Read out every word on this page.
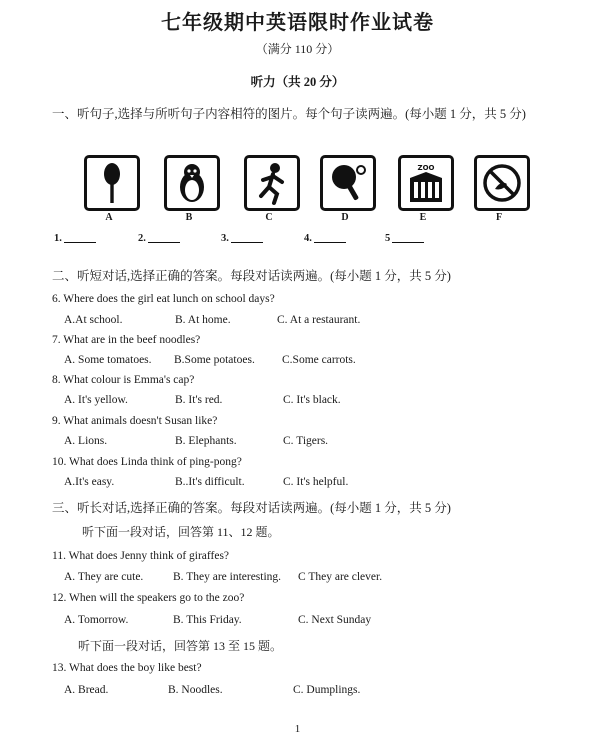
七年级期中英语限时作业试卷
（满分 110 分）
听力（共 20 分）
一、听句子,选择与所听句子内容相符的图片。每个句子读两遍。(每小题 1 分，共 5 分)
ZOO
A	B	C	D	E	F
1.	2.	3.	4.	5
二、听短对话,选择正确的答案。每段对话读两遍。(每小题 1 分，共 5 分)
6. Where does the girl eat lunch on school days?
A.At school.	B. At home.	C. At a restaurant.
7. What are in the beef noodles?
A. Some tomatoes. B.Some potatoes. C.Some carrots.
8. What colour is Emma's cap?
A. It's yellow.	B. It's red.	C. It's black.
9. What animals doesn't Susan like?
A. Lions.	B. Elephants.	C. Tigers.
10. What does Linda think of ping-pong?
A.It's easy.	B..It's difficult.	C. It's helpful.
三、听长对话,选择正确的答案。每段对话读两遍。(每小题 1 分，共 5 分)
听下面一段对话，回答第 11、12 题。
11. What does Jenny think of giraffes?
A. They are cute.	B. They are interesting. C They are clever.
12. When will the speakers go to the zoo?
A. Tomorrow.	B. This Friday.	C. Next Sunday
听下面一段对话，回答第 13 至 15 题。
13. What does the boy like best?
A. Bread.	B. Noodles.	C. Dumplings.
1
